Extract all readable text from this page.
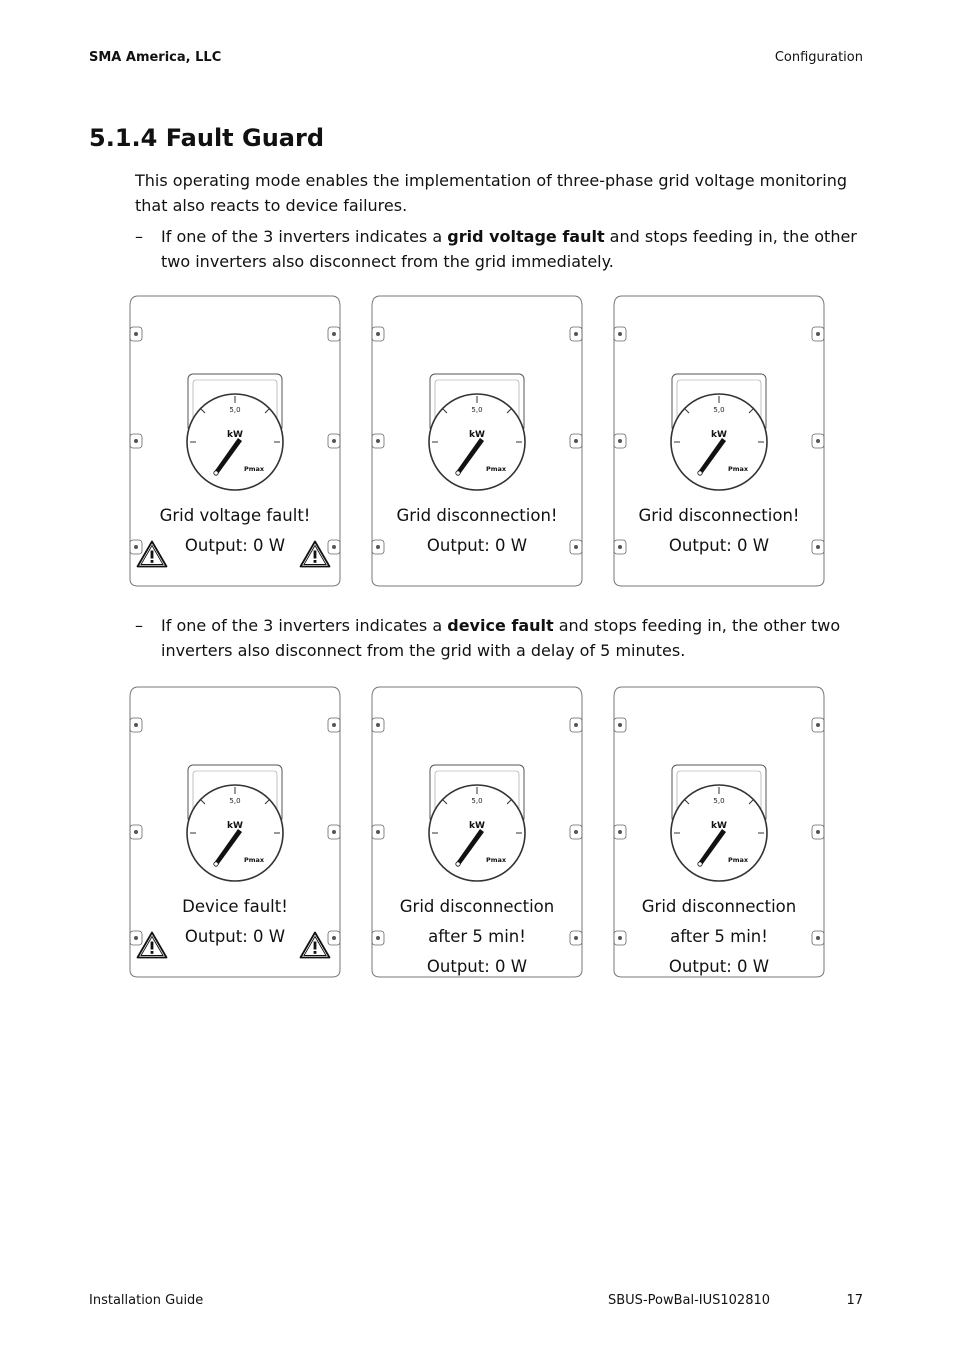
SMA America, LLC	Configuration
5.1.4 Fault Guard

This operating mode enables the implementation of three-phase grid voltage monitoring that also reacts to device failures.

– If one of the 3 inverters indicates a grid voltage fault and stops feeding in, the other two inverters also disconnect from the grid immediately.
5,0
kW
Pmax
Grid voltage fault!
Output: 0 W
5,0
kW
Pmax
Grid disconnection!
Output: 0 W
5,0
kW
Pmax
Grid disconnection!
Output: 0 W
– If one of the 3 inverters indicates a device fault and stops feeding in, the other two inverters also disconnect from the grid with a delay of 5 minutes.
5,0
kW
Pmax
Device fault!
Output: 0 W
5,0
kW
Pmax
Grid disconnection
after 5 min!
Output: 0 W
5,0
kW
Pmax
Grid disconnection
after 5 min!
Output: 0 W
Installation Guide	SBUS-PowBal-IUS102810	17
